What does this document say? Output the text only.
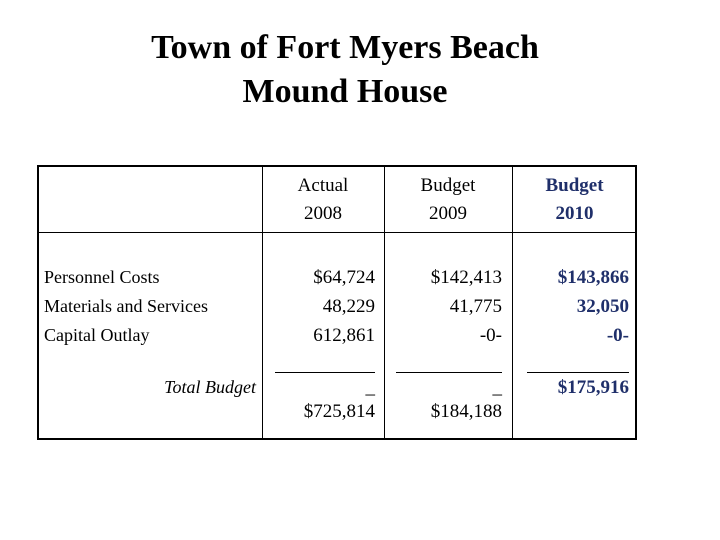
Town of Fort Myers Beach
Mound House
Actual
2008
Budget
2009
Budget
2010
Personnel Costs
Materials and Services
Capital Outlay
Total Budget
$64,724
48,229
612,861
$142,413
41,775
-0-
$143,866
32,050
-0-
_	_
$725,814	$184,188
$175,916
